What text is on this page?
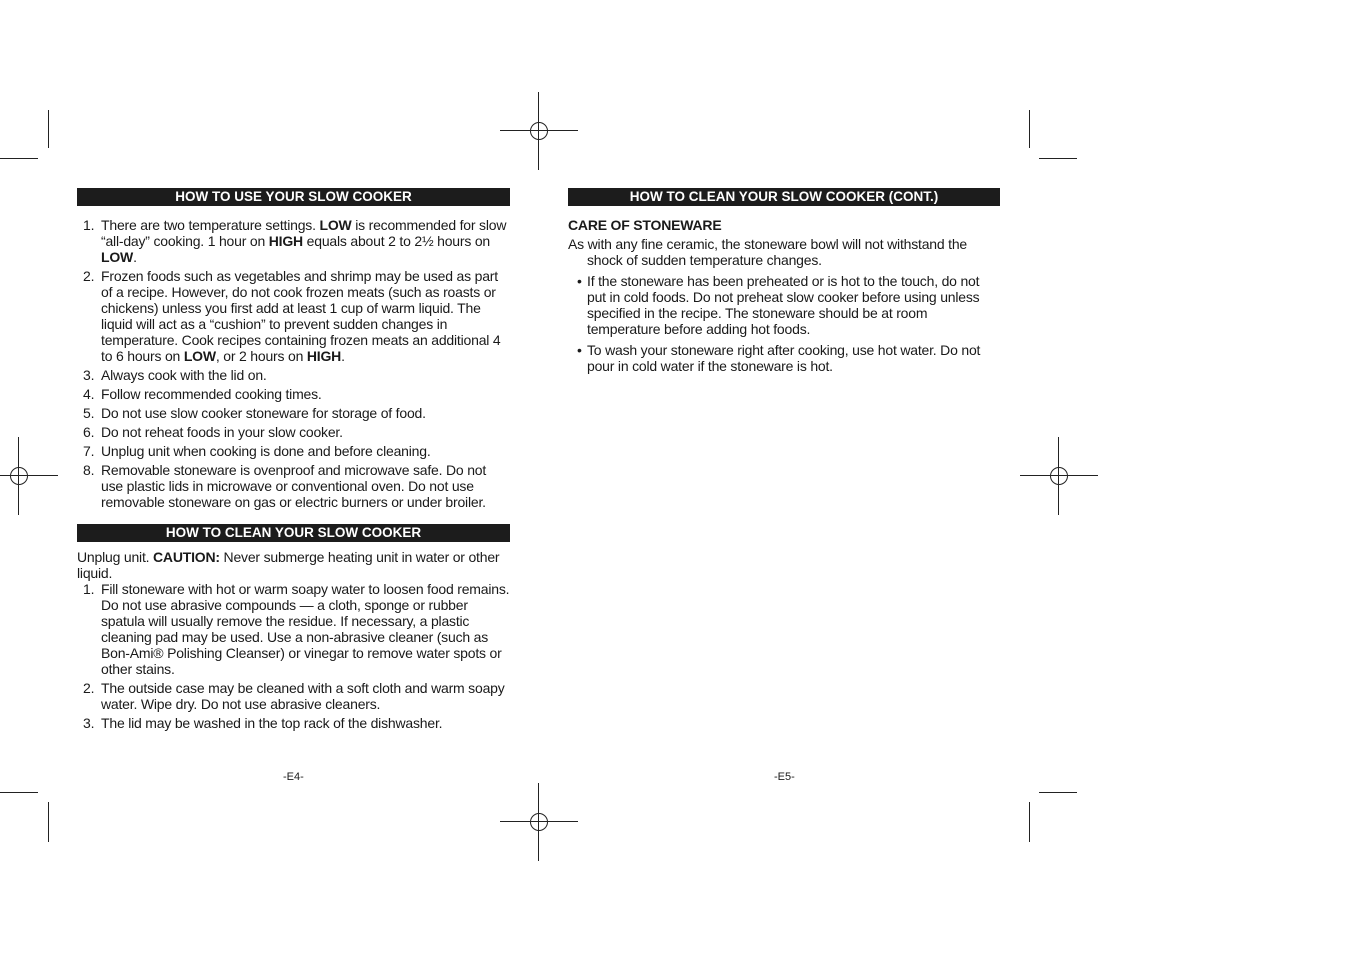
HOW TO USE YOUR SLOW COOKER
1. There are two temperature settings. LOW is recommended for slow “all-day” cooking. 1 hour on HIGH equals about 2 to 2½ hours on LOW.
2. Frozen foods such as vegetables and shrimp may be used as part of a recipe. However, do not cook frozen meats (such as roasts or chickens) unless you first add at least 1 cup of warm liquid. The liquid will act as a “cushion” to prevent sudden changes in temperature. Cook recipes containing frozen meats an additional 4 to 6 hours on LOW, or 2 hours on HIGH.
3. Always cook with the lid on.
4. Follow recommended cooking times.
5. Do not use slow cooker stoneware for storage of food.
6. Do not reheat foods in your slow cooker.
7. Unplug unit when cooking is done and before cleaning.
8. Removable stoneware is ovenproof and microwave safe. Do not use plastic lids in microwave or conventional oven. Do not use removable stoneware on gas or electric burners or under broiler.
HOW TO CLEAN YOUR SLOW COOKER

Unplug unit. CAUTION: Never submerge heating unit in water or other liquid.

1. Fill stoneware with hot or warm soapy water to loosen food remains. Do not use abrasive compounds — a cloth, sponge or rubber spatula will usually remove the residue. If necessary, a plastic cleaning pad may be used. Use a non-abrasive cleaner (such as Bon-Ami® Polishing Cleanser) or vinegar to remove water spots or other stains.
2. The outside case may be cleaned with a soft cloth and warm soapy water. Wipe dry. Do not use abrasive cleaners.
3. The lid may be washed in the top rack of the dishwasher.
-E4-
HOW TO CLEAN YOUR SLOW COOKER (CONT.)

CARE OF STONEWARE

As with any fine ceramic, the stoneware bowl will not withstand the shock of sudden temperature changes.

• If the stoneware has been preheated or is hot to the touch, do not put in cold foods. Do not preheat slow cooker before using unless specified in the recipe. The stoneware should be at room temperature before adding hot foods.
• To wash your stoneware right after cooking, use hot water. Do not pour in cold water if the stoneware is hot.
-E5-
